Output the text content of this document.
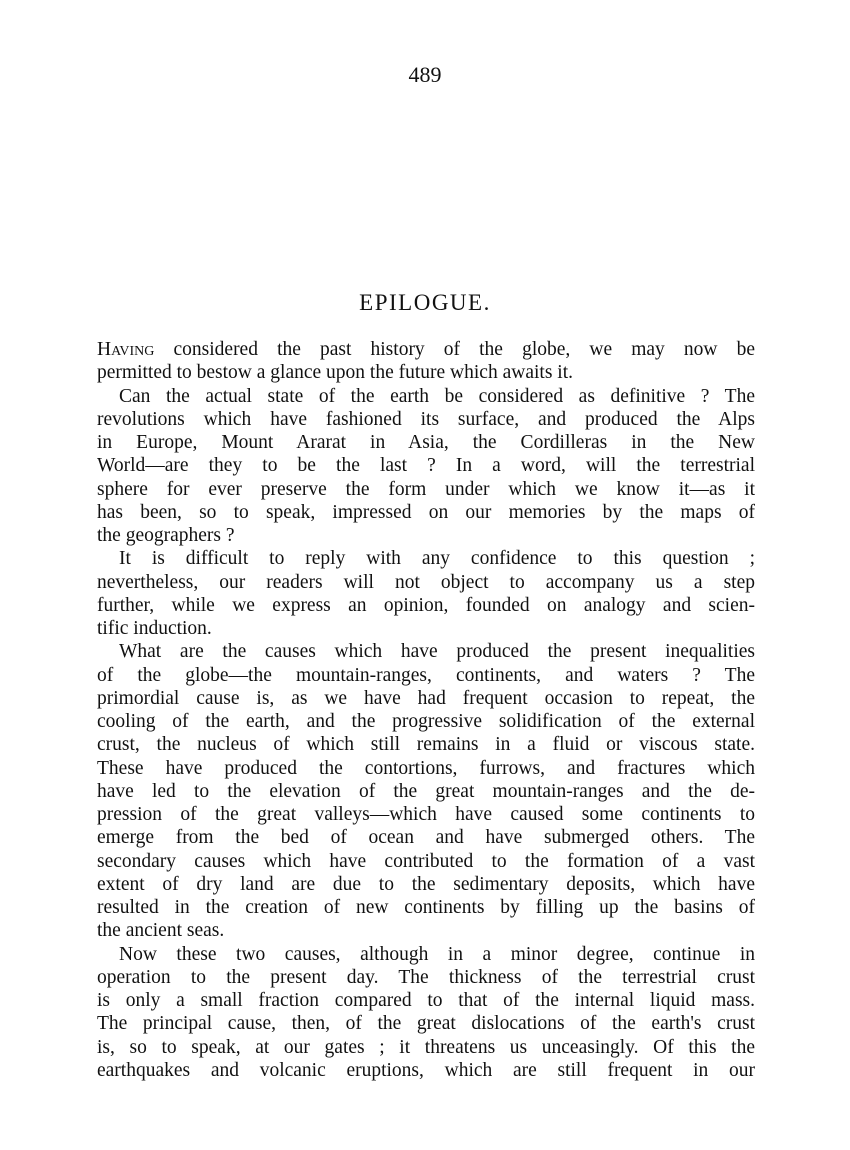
489
EPILOGUE.
Having considered the past history of the globe, we may now be
permitted to bestow a glance upon the future which awaits it.
Can the actual state of the earth be considered as definitive ? The
revolutions which have fashioned its surface, and produced the Alps
in Europe, Mount Ararat in Asia, the Cordilleras in the New
World—are they to be the last ? In a word, will the terrestrial
sphere for ever preserve the form under which we know it—as it
has been, so to speak, impressed on our memories by the maps of
the geographers ?
It is difficult to reply with any confidence to this question ;
nevertheless, our readers will not object to accompany us a step
further, while we express an opinion, founded on analogy and scien-
tific induction.
What are the causes which have produced the present inequalities
of the globe—the mountain-ranges, continents, and waters ? The
primordial cause is, as we have had frequent occasion to repeat, the
cooling of the earth, and the progressive solidification of the external
crust, the nucleus of which still remains in a fluid or viscous state.
These have produced the contortions, furrows, and fractures which
have led to the elevation of the great mountain-ranges and the de-
pression of the great valleys—which have caused some continents to
emerge from the bed of ocean and have submerged others. The
secondary causes which have contributed to the formation of a vast
extent of dry land are due to the sedimentary deposits, which have
resulted in the creation of new continents by filling up the basins of
the ancient seas.
Now these two causes, although in a minor degree, continue in
operation to the present day. The thickness of the terrestrial crust
is only a small fraction compared to that of the internal liquid mass.
The principal cause, then, of the great dislocations of the earth's crust
is, so to speak, at our gates ; it threatens us unceasingly. Of this the
earthquakes and volcanic eruptions, which are still frequent in our
